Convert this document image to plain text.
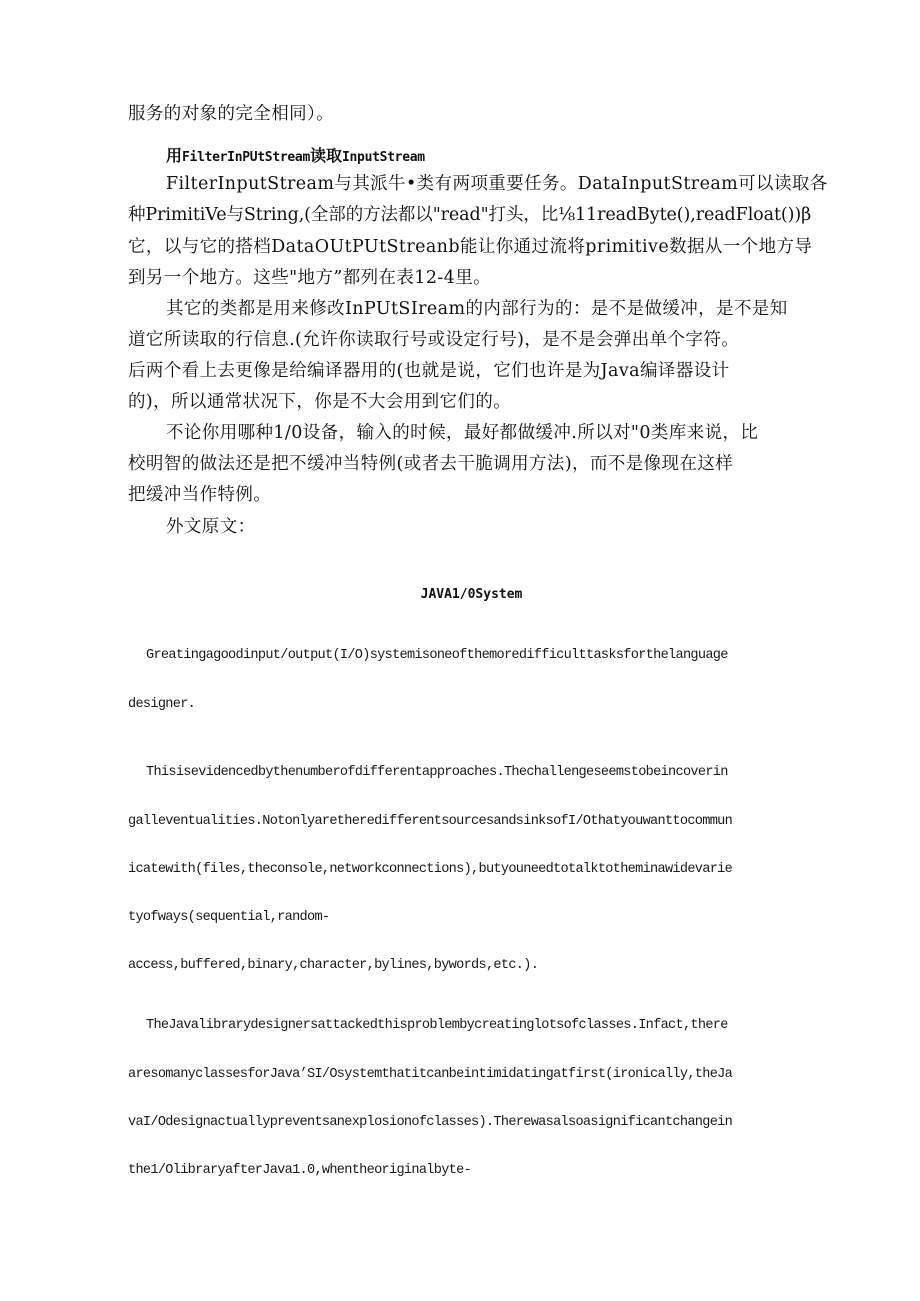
服务的对象的完全相同）。
用FilterInPUtStream读取InputStream
FilterInputStream与其派牛•类有两项重要任务。DataInputStream可以读取各
种PrimitiVe与String,(全部的方法都以"read"打头，比⅛11readByte(),readFloat())β
它，以与它的搭档DataOUtPUtStreanb能让你通过流将primitive数据从一个地方导
到另一个地方。这些"地方”都列在表12-4里。
其它的类都是用来修改InPUtSIream的内部行为的：是不是做缓冲，是不是知
道它所读取的行信息.(允许你读取行号或设定行号)，是不是会弹出单个字符。
后两个看上去更像是给编译器用的(也就是说，它们也许是为Java编译器设计
的)，所以通常状况下，你是不大会用到它们的。
不论你用哪种1/0设备，输入的时候，最好都做缓冲.所以对"0类库来说，比
校明智的做法还是把不缓冲当特例(或者去干脆调用方法)，而不是像现在这样
把缓冲当作特例。
外文原文：
JAVA1/0System
Greatingagoodinput/output(I/O)systemisoneofthemoredifficulttasksforthelanguage
designer.
Thisisevidencedbythenumberofdifferentapproaches.Thechallengeseemstobeincoverin
galleventualities.NotonlyaretheredifferentsourcesandsinksofI/Othatyouwanttocommun
icatewith(files,theconsole,networkconnections),butyouneedtotalktotheminawidevarie
tyofways(sequential,random-
access,buffered,binary,character,bylines,bywords,etc.).
TheJavalibrarydesignersattackedthisproblembycreatinglotsofclasses.Infact,there
aresomanyclassesforJava’SI/Osystemthatitcanbeintimidatingatfirst(ironically,theJa
vaI/Odesignactuallypreventsanexplosionofclasses).Therewasalsoasignificantchangein
the1/OlibraryafterJava1.0,whentheoriginalbyte-
